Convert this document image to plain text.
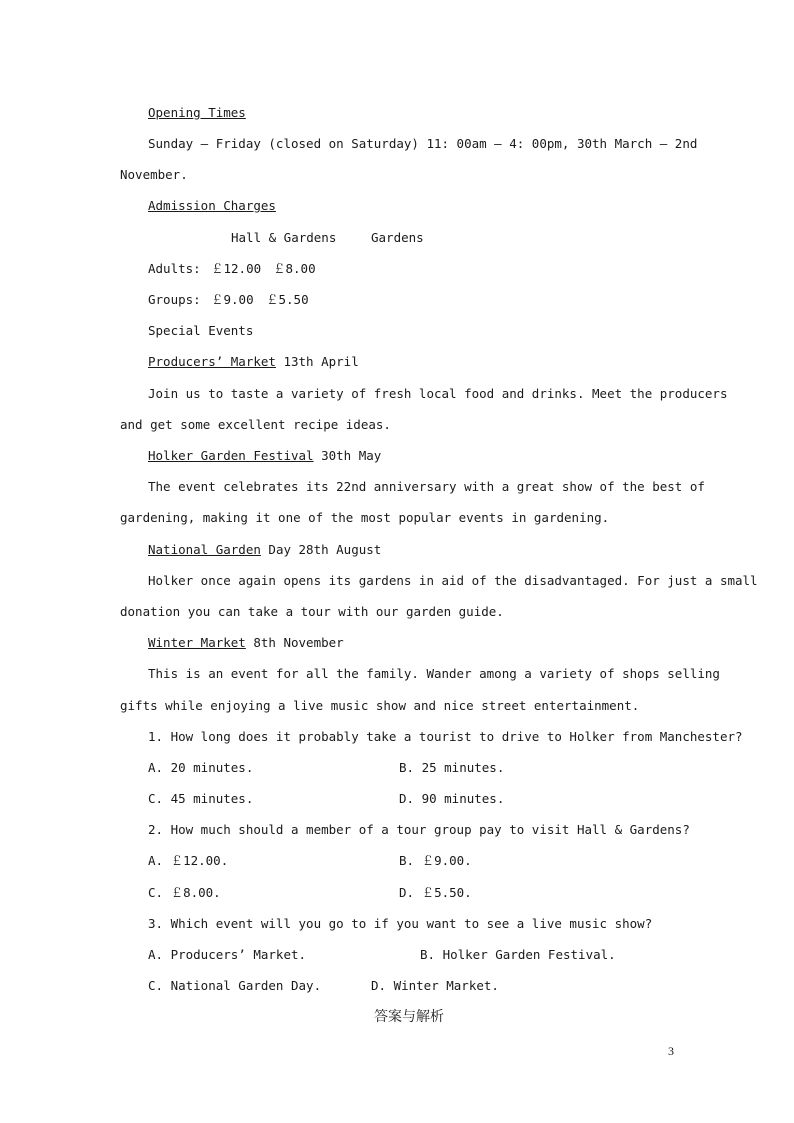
Opening Times
Sunday — Friday (closed on Saturday) 11: 00am — 4: 00pm, 30th March — 2nd
November.
Admission Charges
Hall & Gardens	Gardens
Adults: ￡12.00 ￡8.00
Groups: ￡9.00 ￡5.50
Special Events
Producers’ Market 13th April
Join us to taste a variety of fresh local food and drinks. Meet the producers
and get some excellent recipe ideas.
Holker Garden Festival 30th May
The event celebrates its 22nd anniversary with a great show of the best of
gardening, making it one of the most popular events in gardening.
National Garden Day 28th August
Holker once again opens its gardens in aid of the disadvantaged. For just a small
donation you can take a tour with our garden guide.
Winter Market 8th November
This is an event for all the family. Wander among a variety of shops selling
gifts while enjoying a live music show and nice street entertainment.
1. How long does it probably take a tourist to drive to Holker from Manchester?
A. 20 minutes.	B. 25 minutes.
C. 45 minutes.	D. 90 minutes.
2. How much should a member of a tour group pay to visit Hall & Gardens?
A. ￡12.00.	B. ￡9.00.
C. ￡8.00.	D. ￡5.50.
3. Which event will you go to if you want to see a live music show?
A. Producers’ Market.	B. Holker Garden Festival.
C. National Garden Day.	D. Winter Market.
答案与解析
3
